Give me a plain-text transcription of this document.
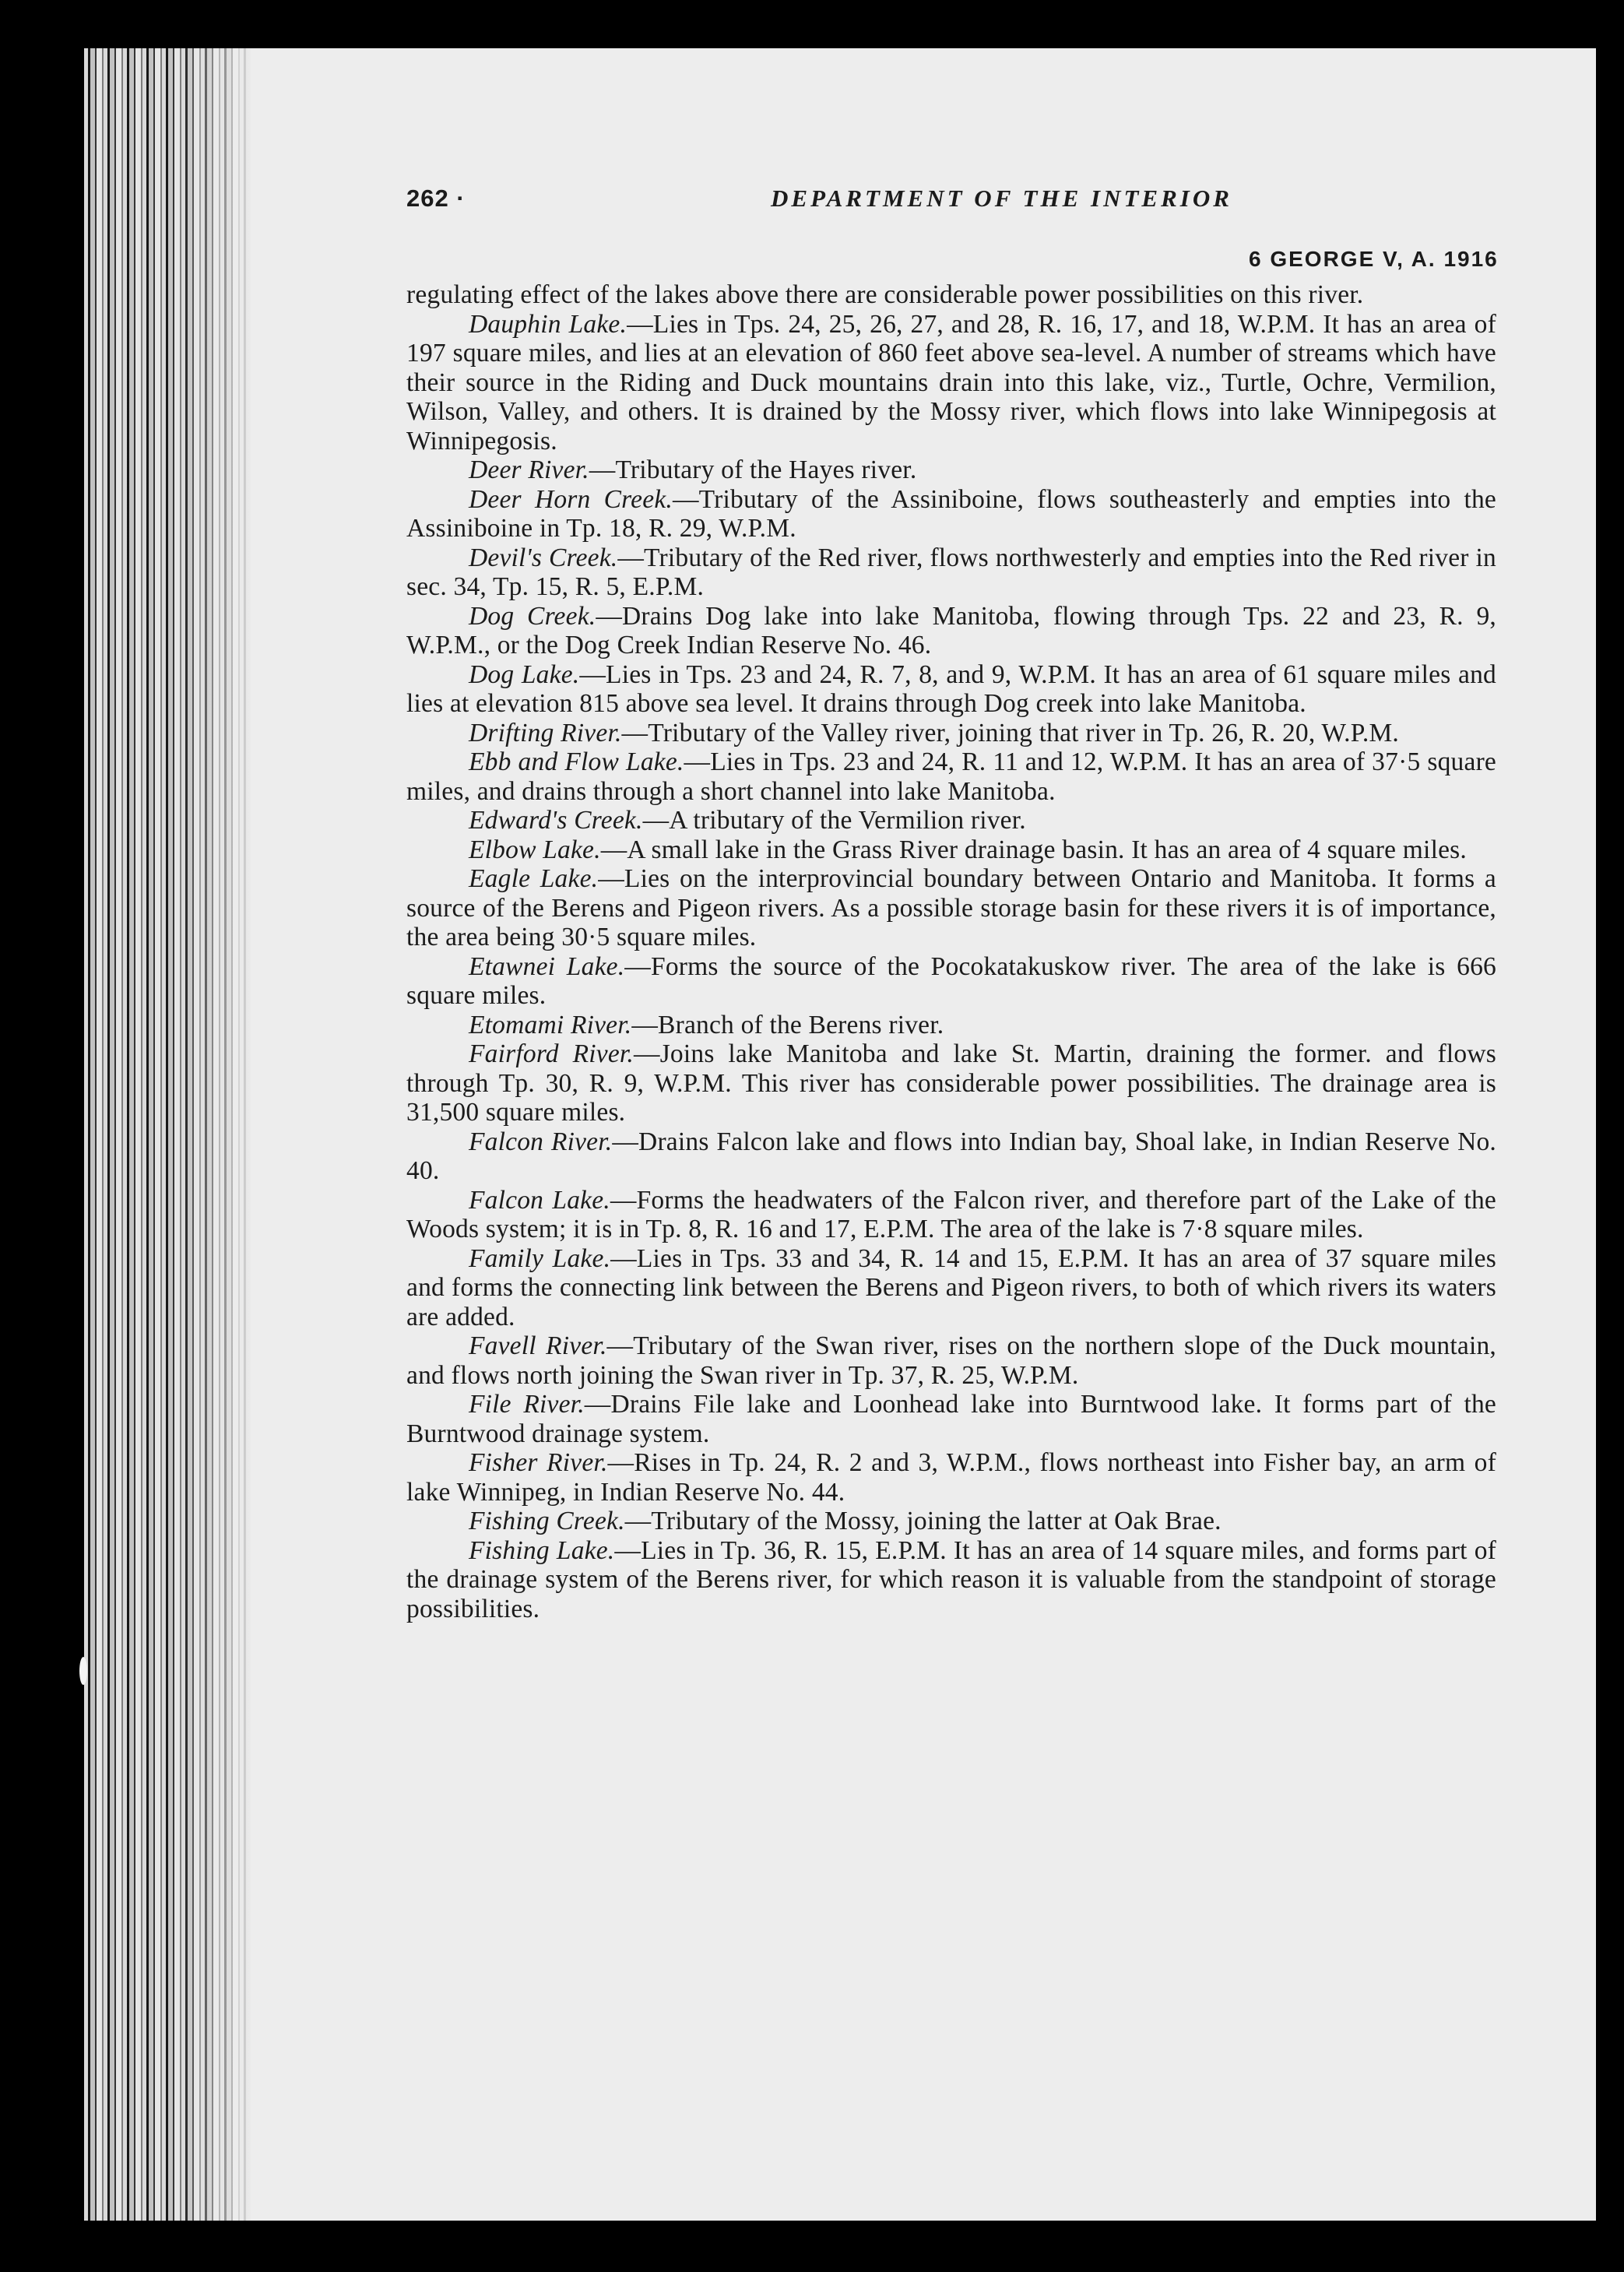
262 ·	DEPARTMENT OF THE INTERIOR
6 GEORGE V, A. 1916

regulating effect of the lakes above there are considerable power possibilities on this river.

Dauphin Lake.—Lies in Tps. 24, 25, 26, 27, and 28, R. 16, 17, and 18, W.P.M. It has an area of 197 square miles, and lies at an elevation of 860 feet above sea-level. A number of streams which have their source in the Riding and Duck mountains drain into this lake, viz., Turtle, Ochre, Vermilion, Wilson, Valley, and others. It is drained by the Mossy river, which flows into lake Winnipegosis at Winnipegosis.

Deer River.—Tributary of the Hayes river.

Deer Horn Creek.—Tributary of the Assiniboine, flows southeasterly and empties into the Assiniboine in Tp. 18, R. 29, W.P.M.

Devil's Creek.—Tributary of the Red river, flows northwesterly and empties into the Red river in sec. 34, Tp. 15, R. 5, E.P.M.

Dog Creek.—Drains Dog lake into lake Manitoba, flowing through Tps. 22 and 23, R. 9, W.P.M., or the Dog Creek Indian Reserve No. 46.

Dog Lake.—Lies in Tps. 23 and 24, R. 7, 8, and 9, W.P.M. It has an area of 61 square miles and lies at elevation 815 above sea level. It drains through Dog creek into lake Manitoba.

Drifting River.—Tributary of the Valley river, joining that river in Tp. 26, R. 20, W.P.M.

Ebb and Flow Lake.—Lies in Tps. 23 and 24, R. 11 and 12, W.P.M. It has an area of 37·5 square miles, and drains through a short channel into lake Manitoba.

Edward's Creek.—A tributary of the Vermilion river.

Elbow Lake.—A small lake in the Grass River drainage basin. It has an area of 4 square miles.

Eagle Lake.—Lies on the interprovincial boundary between Ontario and Manitoba. It forms a source of the Berens and Pigeon rivers. As a possible storage basin for these rivers it is of importance, the area being 30·5 square miles.

Etawnei Lake.—Forms the source of the Pocokatakuskow river. The area of the lake is 666 square miles.

Etomami River.—Branch of the Berens river.

Fairford River.—Joins lake Manitoba and lake St. Martin, draining the former. and flows through Tp. 30, R. 9, W.P.M. This river has considerable power possibilities. The drainage area is 31,500 square miles.

Falcon River.—Drains Falcon lake and flows into Indian bay, Shoal lake, in Indian Reserve No. 40.

Falcon Lake.—Forms the headwaters of the Falcon river, and therefore part of the Lake of the Woods system; it is in Tp. 8, R. 16 and 17, E.P.M. The area of the lake is 7·8 square miles.

Family Lake.—Lies in Tps. 33 and 34, R. 14 and 15, E.P.M. It has an area of 37 square miles and forms the connecting link between the Berens and Pigeon rivers, to both of which rivers its waters are added.

Favell River.—Tributary of the Swan river, rises on the northern slope of the Duck mountain, and flows north joining the Swan river in Tp. 37, R. 25, W.P.M.

File River.—Drains File lake and Loonhead lake into Burntwood lake. It forms part of the Burntwood drainage system.

Fisher River.—Rises in Tp. 24, R. 2 and 3, W.P.M., flows northeast into Fisher bay, an arm of lake Winnipeg, in Indian Reserve No. 44.

Fishing Creek.—Tributary of the Mossy, joining the latter at Oak Brae.

Fishing Lake.—Lies in Tp. 36, R. 15, E.P.M. It has an area of 14 square miles, and forms part of the drainage system of the Berens river, for which reason it is valuable from the standpoint of storage possibilities.
